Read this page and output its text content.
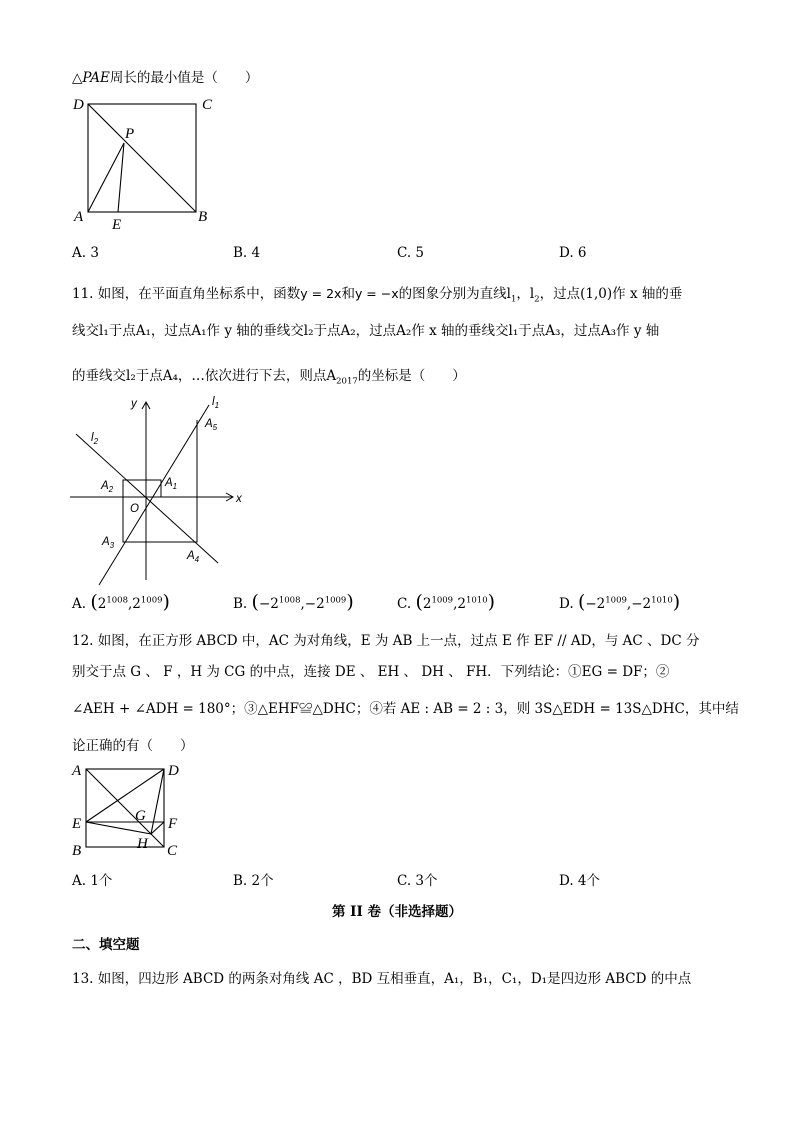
△PAE周长的最小值是（　　）
D	C
P
A E	B
A. 3	B. 4	C. 5	D. 6
11. 如图，在平面直角坐标系中，函数y = 2x和y = −x的图象分别为直线$l_1$，$l_2$，过点(1,0)作 x 轴的垂
线交l₁于点A₁，过点A₁作 y 轴的垂线交l₂于点A₂，过点A₂作 x 轴的垂线交l₁于点A₃，过点A₃作 y 轴
的垂线交l₂于点A₄，…依次进行下去，则点$A_{2017}$的坐标是（　　）
y
x
O
$l_1$
$l_2$
$A_1$
$A_2$
$A_3$
$A_4$
$A_5$
A. $(2^{1008},2^{1009})$	B. $(-2^{1008},-2^{1009})$	C. $(2^{1009},2^{1010})$	D. $(-2^{1009},-2^{1010})$
12. 如图，在正方形 ABCD 中，AC 为对角线，E 为 AB 上一点，过点 E 作 EF // AD，与 AC 、DC 分
别交于点 G 、 F ，H 为 CG 的中点，连接 DE 、 EH 、 DH 、 FH．下列结论：①EG = DF；②
∠AEH + ∠ADH = 180°；③△EHF≌△DHC；④若 AE : AB = 2 : 3，则 3S△EDH = 13S△DHC，其中结
论正确的有（　　）
A	D
E	F
G
H
B	C
A. 1个	B. 2个	C. 3个	D. 4个
第 II 卷（非选择题）
二、填空题
13. 如图，四边形 ABCD 的两条对角线 AC ，BD 互相垂直，A₁，B₁，C₁，D₁是四边形 ABCD 的中点
